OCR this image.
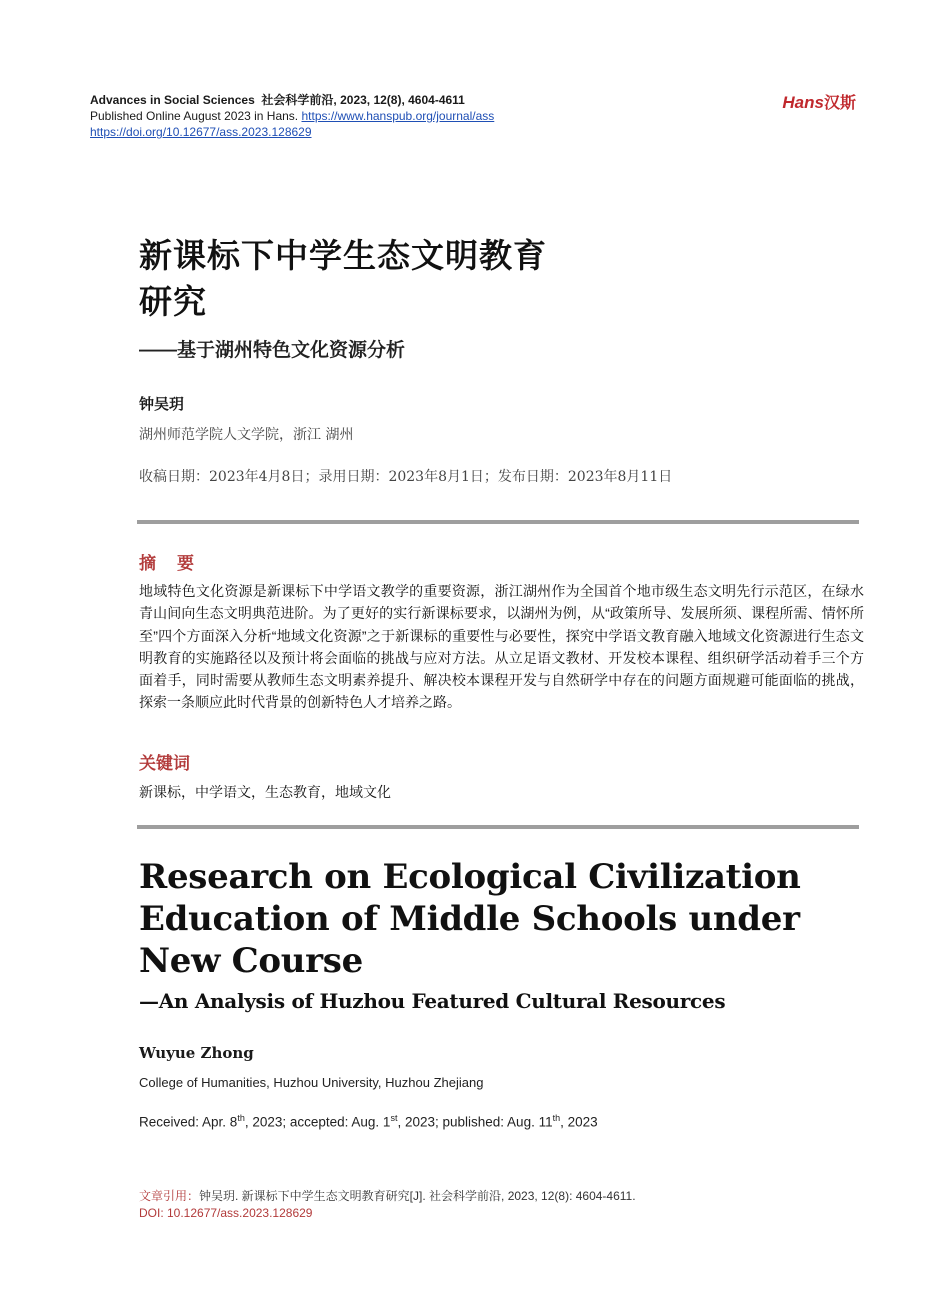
Advances in Social Sciences 社会科学前沿, 2023, 12(8), 4604-4611
Published Online August 2023 in Hans. https://www.hanspub.org/journal/ass
https://doi.org/10.12677/ass.2023.128629
Hans汉斯
新课标下中学生态文明教育
研究
——基于湖州特色文化资源分析
钟吴玥
湖州师范学院人文学院，浙江 湖州
收稿日期：2023年4月8日；录用日期：2023年8月1日；发布日期：2023年8月11日
摘　要
地域特色文化资源是新课标下中学语文教学的重要资源，浙江湖州作为全国首个地市级生态文明先行示范区，在绿水青山间向生态文明典范进阶。为了更好的实行新课标要求，以湖州为例，从“政策所导、发展所须、课程所需、情怀所至”四个方面深入分析“地域文化资源”之于新课标的重要性与必要性，探究中学语文教育融入地域文化资源进行生态文明教育的实施路径以及预计将会面临的挑战与应对方法。从立足语文教材、开发校本课程、组织研学活动着手三个方面着手，同时需要从教师生态文明素养提升、解决校本课程开发与自然研学中存在的问题方面规避可能面临的挑战，探索一条顺应此时代背景的创新特色人才培养之路。
关键词
新课标，中学语文，生态教育，地域文化
Research on Ecological Civilization
Education of Middle Schools under
New Course
—An Analysis of Huzhou Featured Cultural Resources
Wuyue Zhong
College of Humanities, Huzhou University, Huzhou Zhejiang
Received: Apr. 8th, 2023; accepted: Aug. 1st, 2023; published: Aug. 11th, 2023
文章引用：钟吴玥. 新课标下中学生态文明教育研究[J]. 社会科学前沿, 2023, 12(8): 4604-4611.
DOI: 10.12677/ass.2023.128629
